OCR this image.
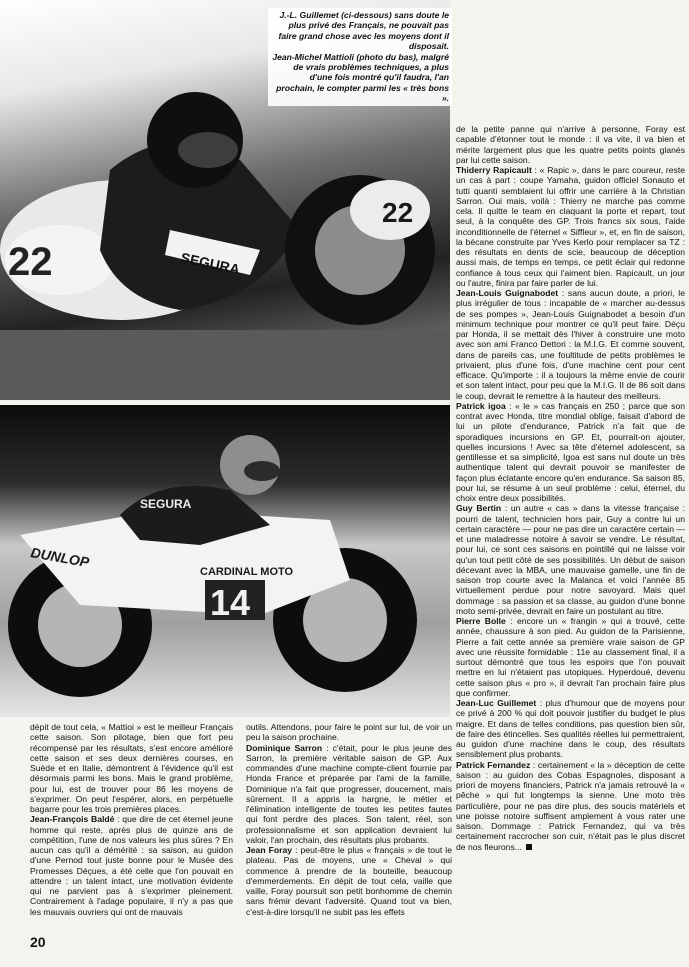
22	SEGURA
22

J.-L. Guillemet (ci-dessous) sans doute le plus privé des Français, ne pouvait pas faire grand chose avec les moyens dont il disposait.

Jean-Michel Mattioli (photo du bas), malgré de vrais problèmes techniques, a plus d'une fois montré qu'il faudra, l'an prochain, le compter parmi les « très bons ».

DUNLOP
CARDINAL MOTO
14
SEGURA

dépit de tout cela, « Mattioi » est le meilleur Français cette saison. Son pilotage, bien que fort peu récompensé par les résultats, s'est encore amélioré cette saison et ses deux dernières courses, en Suède et en Italie, démontrent à l'évidence qu'il est désormais parmi les bons. Mais le grand problème, pour lui, est de trouver pour 86 les moyens de s'exprimer. On peut l'espérer, alors, en perpétuelle bagarre pour les trois premières places.

Jean-François Baldé : que dire de cet éternel jeune homme qui reste, après plus de quinze ans de compétition, l'une de nos valeurs les plus sûres ? En aucun cas qu'il a démérité : sa saison, au guidon d'une Pernod tout juste bonne pour le Musée des Promesses Déçues, a été celle que l'on pouvait en attendre : un talent intact, une motivation évidente qui ne parvient pas à s'exprimer pleinement. Contrairement à l'adage populaire, il n'y a pas que les mauvais ouvriers qui ont de mauvais

outils. Attendons, pour faire le point sur lui, de voir un peu la saison prochaine.

Dominique Sarron : c'était, pour le plus jeune des Sarron, la première véritable saison de GP. Aux commandes d'une machine compte-client fournie par Honda France et préparée par l'ami de la famille, Dominique n'a fait que progresser, doucement, mais sûrement. Il a appris la hargne, le métier et l'élimination intelligente de toutes les petites fautes qui font perdre des places. Son talent, réel, son professionnalisme et son application devraient lui valoir, l'an prochain, des résultats plus probants.

Jean Foray : peut-être le plus « français » de tout le plateau. Pas de moyens, une « Cheval » qui commence à prendre de la bouteille, beaucoup d'emmerdements. En dépit de tout cela, vaille que vaille, Foray poursuit son petit bonhomme de chemin sans frémir devant l'adversité. Quand tout va bien, c'est-à-dire lorsqu'il ne subit pas les effets

de la petite panne qui n'arrive à personne, Foray est capable d'étonner tout le monde : il va vite, il va bien et mérite largement plus que les quatre petits points glanés par lui cette saison.

Thiderry Rapicault : « Rapic », dans le parc coureur, reste un cas à part : coupe Yamaha, guidon officiel Sonauto et tutti quanti semblaient lui offrir une carrière à la Christian Sarron. Oui mais, voilà : Thierry ne marche pas comme cela. Il quitte le team en claquant la porte et repart, tout seul, à la conquête des GP. Trois francs six sous, l'aide inconditionnelle de l'éternel « Siffleur », et, en fin de saison, la bécane construite par Yves Kerlo pour remplacer sa TZ : des résultats en dents de scie, beaucoup de déception aussi mais, de temps en temps, ce petit éclair qui redonne confiance à tous ceux qui l'aiment bien. Rapicault, un jour ou l'autre, finira par faire parler de lui.

Jean-Louis Guignabodet : sans aucun doute, a priori, le plus irrégulier de tous : incapable de « marcher au-dessus de ses pompes », Jean-Louis Guignabodet a besoin d'un minimum technique pour montrer ce qu'il peut faire. Déçu par Honda, il se mettait dès l'hiver à construire une moto avec son ami Franco Dettori : la M.I.G. Et comme souvent, dans de pareils cas, une foultitude de petits problèmes le privaient, plus d'une fois, d'une machine cent pour cent efficace. Qu'importe : il a toujours la même envie de courir et son talent intact, pour peu que la M.I.G. II de 86 soit dans le coup, devrait le remettre à la hauteur des meilleurs.

Patrick igoa : « le » cas français en 250 ; parce que son contrat avec Honda, titre mondial oblige, faisait d'abord de lui un pilote d'endurance, Patrick n'a fait que de sporadiques incursions en GP. Et, pourrait-on ajouter, quelles incursions ! Avec sa tête d'éternel adolescent, sa gentillesse et sa simplicité, Igoa est sans nul doute un très authentique talent qui devrait pouvoir se manifester de façon plus éclatante encore qu'en endurance. Sa saison 85, pour lui, se résume à un seul problème : celui, éternel, du choix entre deux possibilités.

Guy Bertin : un autre « cas » dans la vitesse française : pourri de talent, technicien hors pair, Guy a contre lui un certain caractère — pour ne pas dire un caractère certain — et une maladresse notoire à savoir se vendre. Le résultat, pour lui, ce sont ces saisons en pointillé qui ne laisse voir qu'un tout petit côté de ses possibilités. Un début de saison décevant avec la MBA, une mauvaise gamelle, une fin de saison trop courte avec la Malanca et voici l'année 85 virtuellement perdue pour notre savoyard. Mais quel dommage : sa passion et sa classe, au guidon d'une bonne moto semi-privée, devrait en faire un postulant au titre.

Pierre Bolle : encore un « frangin » qui a trouvé, cette année, chaussure à son pied. Au guidon de la Parisienne, Pierre a fait cette année sa première vraie saison de GP avec une réussite formidable : 11e au classement final, il a surtout démontré que tous les espoirs que l'on pouvait mettre en lui n'étaient pas utopiques. Hyperdoué, devenu cette saison plus « pro », il devrait l'an prochain faire plus que confirmer.

Jean-Luc Guillemet : plus d'humour que de moyens pour ce privé à 200 % qui doit pouvoir justifier du budget le plus maigre. Et dans de telles conditions, pas question bien sûr, de faire des étincelles. Ses qualités réelles lui permettraient, au guidon d'une machine dans le coup, des résultats sensiblement plus probants.

Patrick Fernandez : certainement « la » déception de cette saison : au guidon des Cobas Espagnoles, disposant a priori de moyens financiers, Patrick n'a jamais retrouvé la « pêche » qui fut longtemps la sienne. Une moto très particulière, pour ne pas dire plus, des soucis matériels et une poisse notoire suffisent amplement à vous rater une saison. Dommage : Patrick Fernandez, qui va très certainement raccrocher son cuir, n'était pas le plus discret de nos fleurons...

20
